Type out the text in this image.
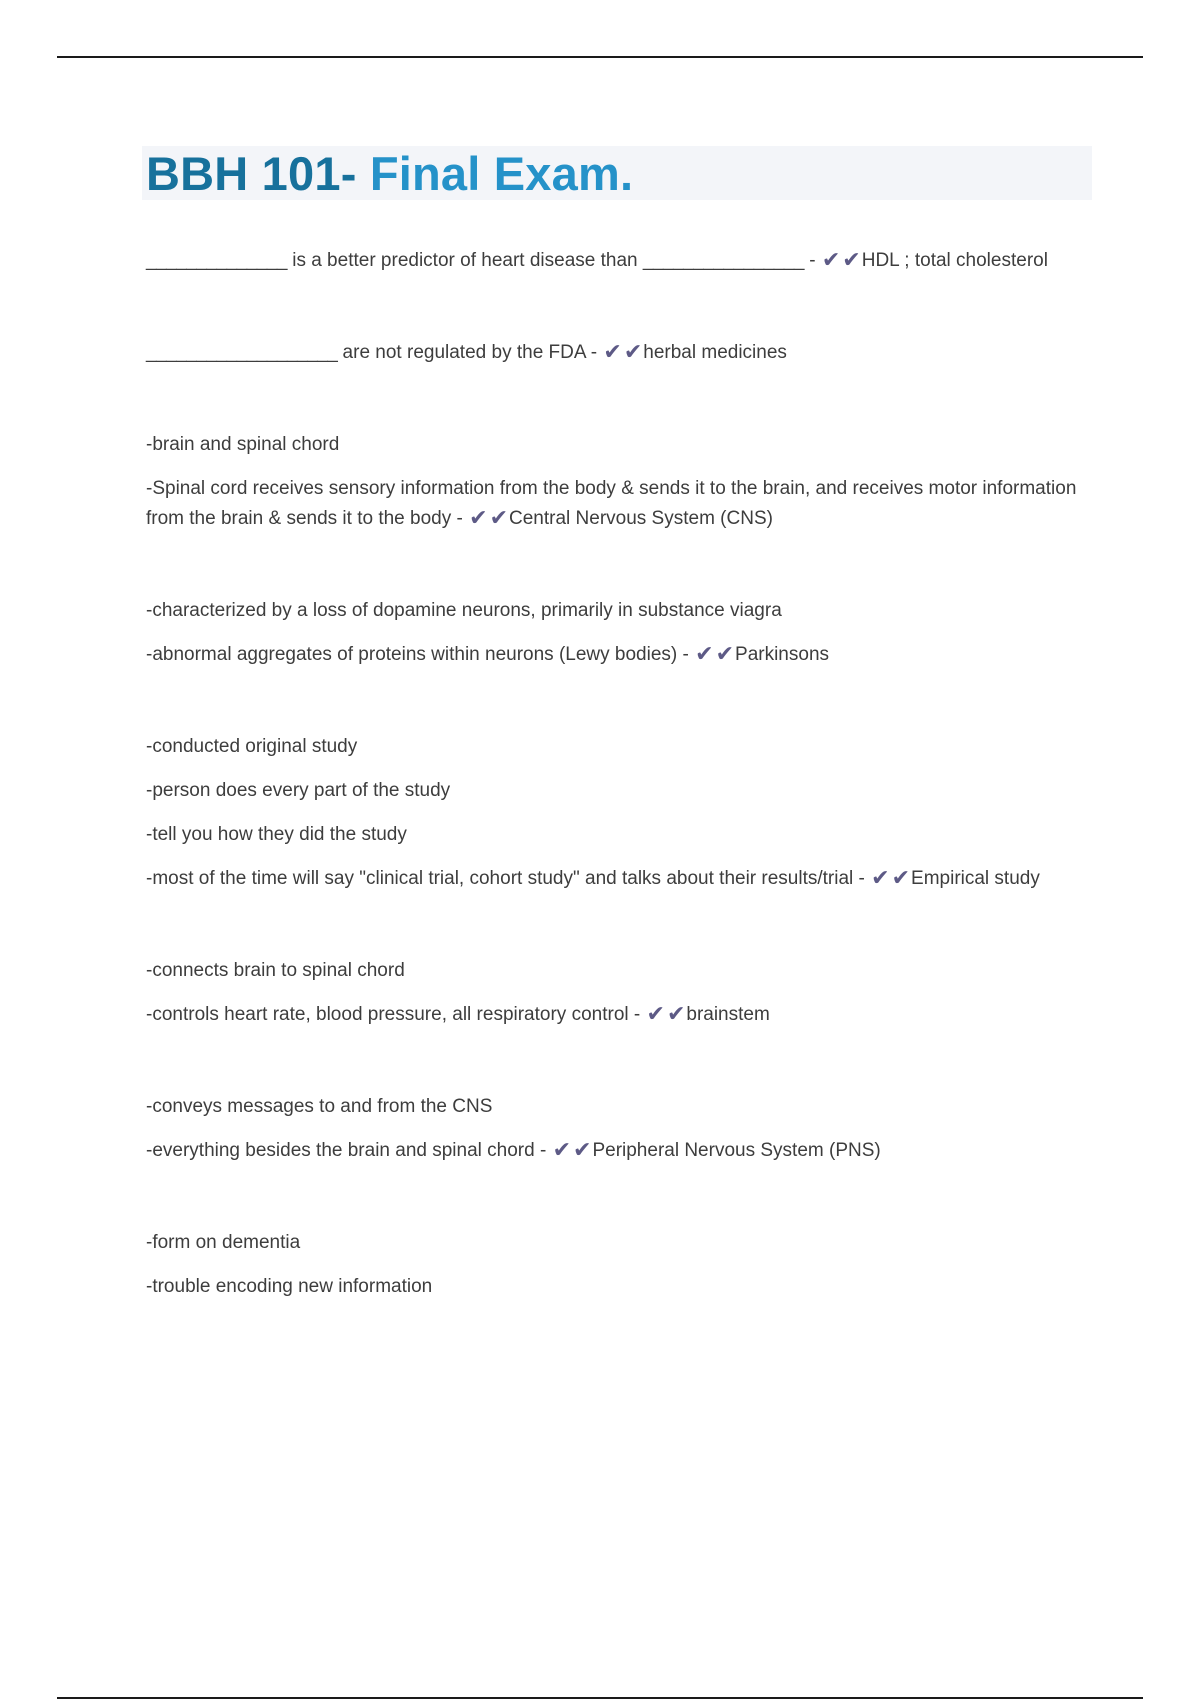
BBH 101- Final Exam.

______________ is a better predictor of heart disease than ________________ - ✔✔HDL ; total cholesterol

___________________ are not regulated by the FDA - ✔✔herbal medicines

-brain and spinal chord

-Spinal cord receives sensory information from the body & sends it to the brain, and receives motor information from the brain & sends it to the body - ✔✔Central Nervous System (CNS)

-characterized by a loss of dopamine neurons, primarily in substance viagra

-abnormal aggregates of proteins within neurons (Lewy bodies) - ✔✔Parkinsons

-conducted original study

-person does every part of the study

-tell you how they did the study

-most of the time will say "clinical trial, cohort study" and talks about their results/trial - ✔✔Empirical study

-connects brain to spinal chord

-controls heart rate, blood pressure, all respiratory control - ✔✔brainstem

-conveys messages to and from the CNS

-everything besides the brain and spinal chord - ✔✔Peripheral Nervous System (PNS)

-form on dementia

-trouble encoding new information
